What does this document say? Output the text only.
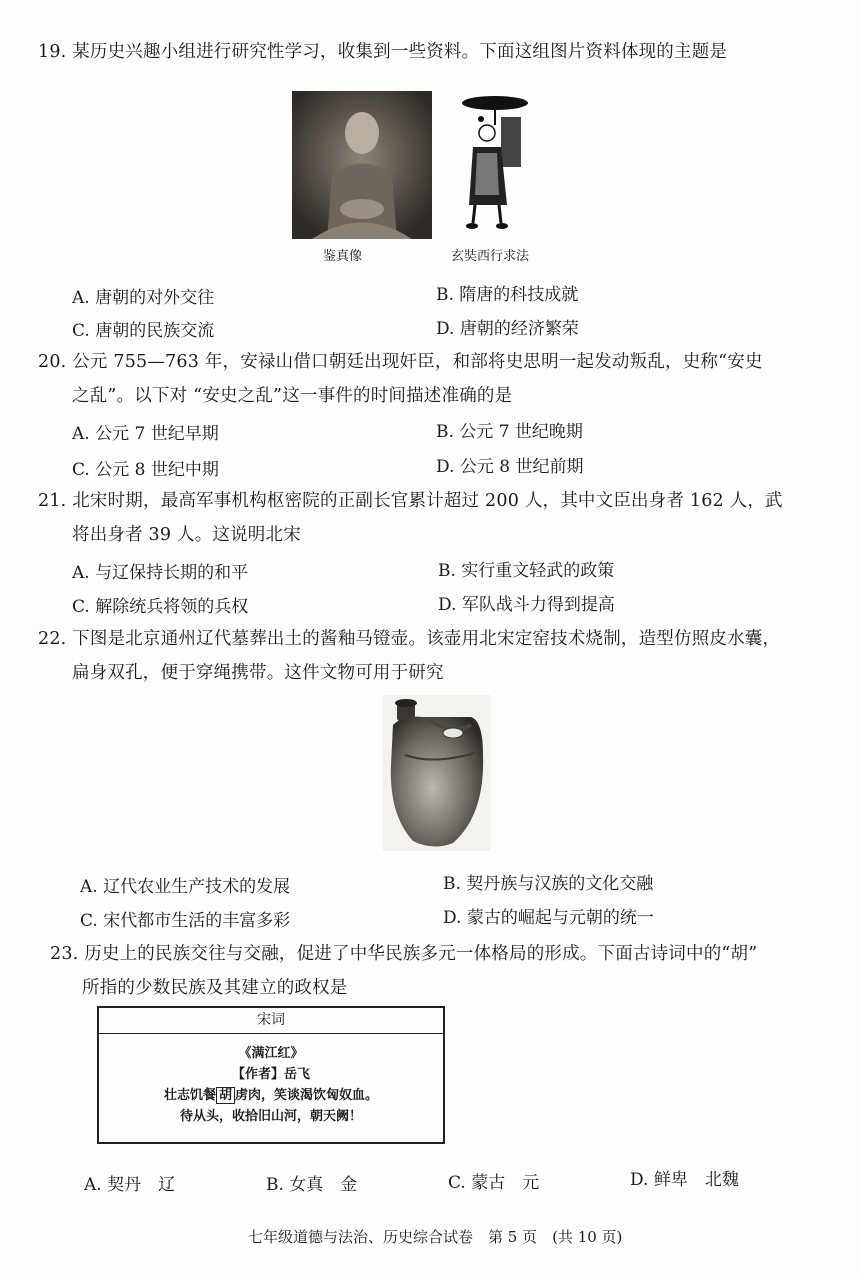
19. 某历史兴趣小组进行研究性学习，收集到一些资料。下面这组图片资料体现的主题是
鉴真像	玄奘西行求法
A. 唐朝的对外交往	B. 隋唐的科技成就
C. 唐朝的民族交流	D. 唐朝的经济繁荣
20. 公元 755—763 年，安禄山借口朝廷出现奸臣，和部将史思明一起发动叛乱，史称“安史
之乱”。以下对 “安史之乱”这一事件的时间描述准确的是
A. 公元 7 世纪早期	B. 公元 7 世纪晚期
C. 公元 8 世纪中期	D. 公元 8 世纪前期
21. 北宋时期，最高军事机构枢密院的正副长官累计超过 200 人，其中文臣出身者 162 人，武
将出身者 39 人。这说明北宋
A. 与辽保持长期的和平	B. 实行重文轻武的政策
C. 解除统兵将领的兵权	D. 军队战斗力得到提高
22. 下图是北京通州辽代墓葬出土的酱釉马镫壶。该壶用北宋定窑技术烧制，造型仿照皮水囊，
扁身双孔，便于穿绳携带。这件文物可用于研究
A. 辽代农业生产技术的发展	B. 契丹族与汉族的文化交融
C. 宋代都市生活的丰富多彩	D. 蒙古的崛起与元朝的统一
23. 历史上的民族交往与交融，促进了中华民族多元一体格局的形成。下面古诗词中的“胡”
所指的少数民族及其建立的政权是
宋词
《满江红》
【作者】岳飞
壮志饥餐 胡 虏肉，笑谈渴饮匈奴血。
待从头，收拾旧山河，朝天阙！
A. 契丹　辽	B. 女真　金	C. 蒙古　元	D. 鲜卑　北魏
七年级道德与法治、历史综合试卷　第 5 页　(共 10 页)
